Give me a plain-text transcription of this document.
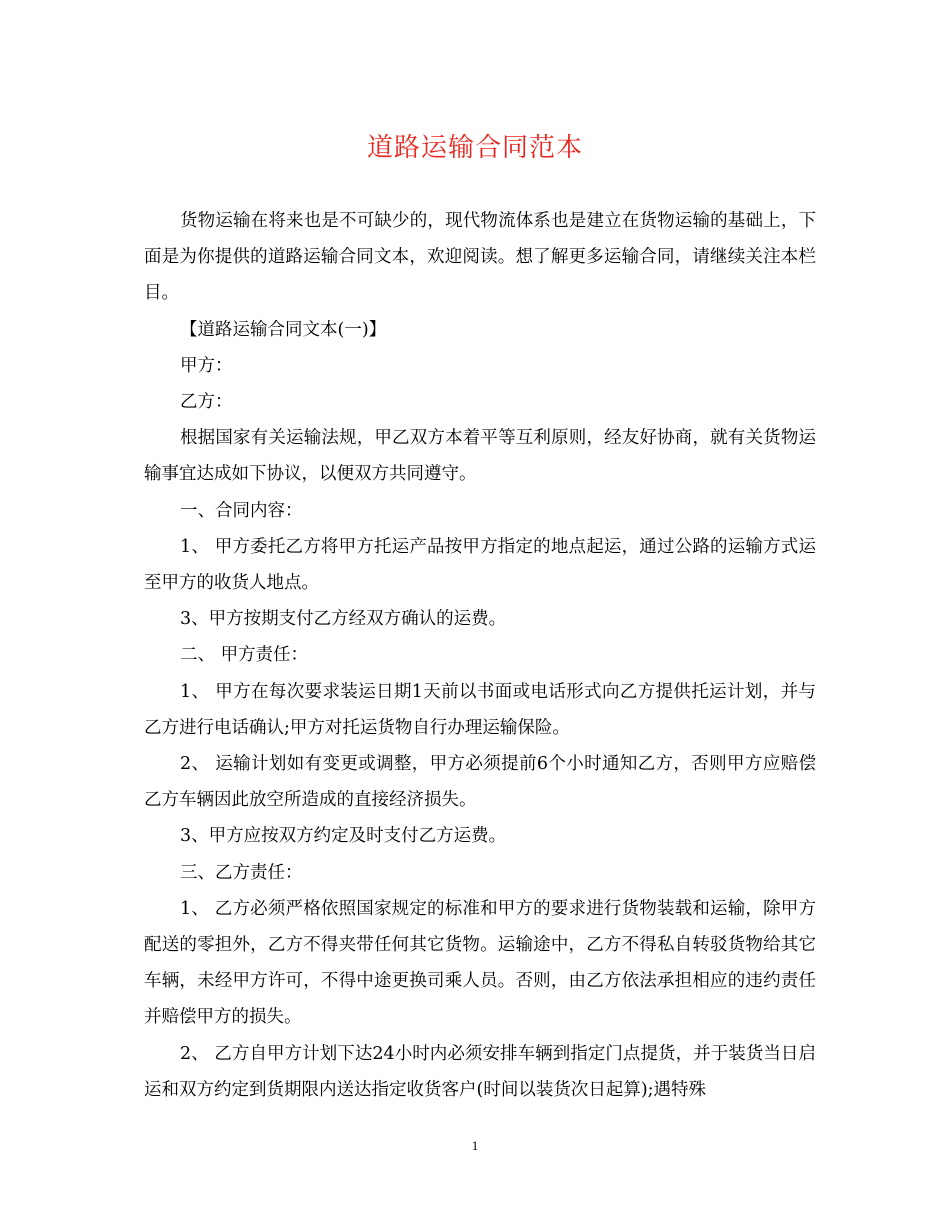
道路运输合同范本

货物运输在将来也是不可缺少的，现代物流体系也是建立在货物运输的基础上，下面是为你提供的道路运输合同文本，欢迎阅读。想了解更多运输合同，请继续关注本栏目。

【道路运输合同文本(一)】

甲方：

乙方：

根据国家有关运输法规，甲乙双方本着平等互利原则，经友好协商，就有关货物运输事宜达成如下协议，以便双方共同遵守。

一、合同内容：

1、 甲方委托乙方将甲方托运产品按甲方指定的地点起运，通过公路的运输方式运至甲方的收货人地点。

3、甲方按期支付乙方经双方确认的运费。

二、 甲方责任：

1、 甲方在每次要求装运日期1天前以书面或电话形式向乙方提供托运计划，并与乙方进行电话确认;甲方对托运货物自行办理运输保险。

2、 运输计划如有变更或调整，甲方必须提前6个小时通知乙方，否则甲方应赔偿乙方车辆因此放空所造成的直接经济损失。

3、甲方应按双方约定及时支付乙方运费。

三、乙方责任：

1、 乙方必须严格依照国家规定的标准和甲方的要求进行货物装载和运输，除甲方配送的零担外，乙方不得夹带任何其它货物。运输途中，乙方不得私自转驳货物给其它车辆，未经甲方许可，不得中途更换司乘人员。否则，由乙方依法承担相应的违约责任并赔偿甲方的损失。

2、 乙方自甲方计划下达24小时内必须安排车辆到指定门点提货，并于装货当日启运和双方约定到货期限内送达指定收货客户(时间以装货次日起算);遇特殊

1
